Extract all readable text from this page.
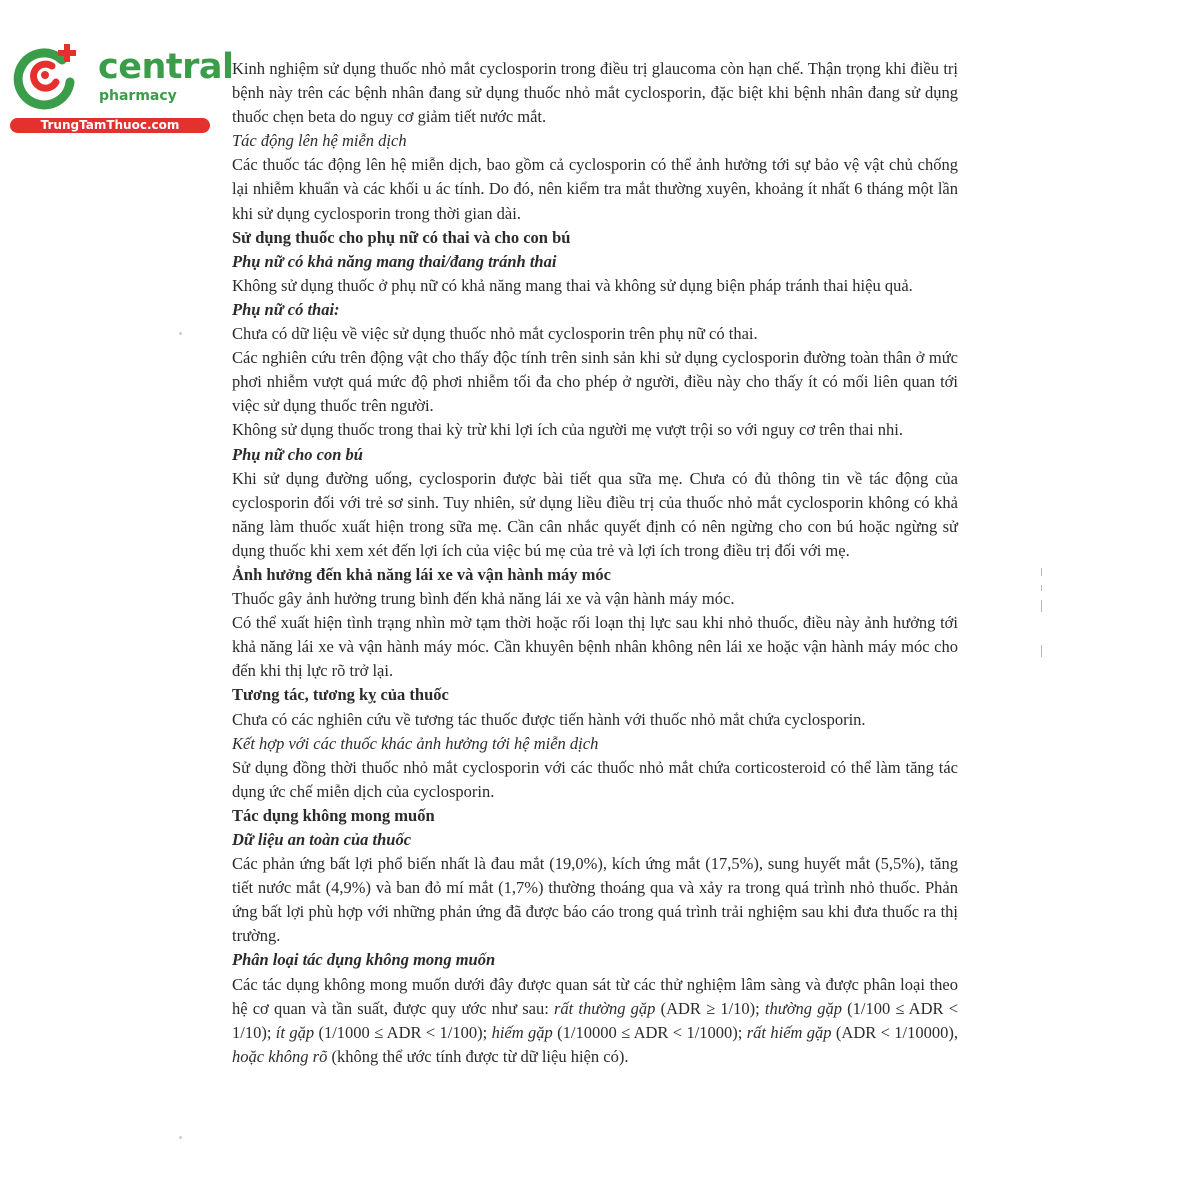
central
pharmacy
TrungTamThuoc.com

Kinh nghiệm sử dụng thuốc nhỏ mắt cyclosporin trong điều trị glaucoma còn hạn chế. Thận trọng khi điều trị bệnh này trên các bệnh nhân đang sử dụng thuốc nhỏ mắt cyclosporin, đặc biệt khi bệnh nhân đang sử dụng thuốc chẹn beta do nguy cơ giảm tiết nước mắt.

Tác động lên hệ miễn dịch

Các thuốc tác động lên hệ miễn dịch, bao gồm cả cyclosporin có thể ảnh hưởng tới sự bảo vệ vật chủ chống lại nhiễm khuẩn và các khối u ác tính. Do đó, nên kiểm tra mắt thường xuyên, khoảng ít nhất 6 tháng một lần khi sử dụng cyclosporin trong thời gian dài.

Sử dụng thuốc cho phụ nữ có thai và cho con bú

Phụ nữ có khả năng mang thai/đang tránh thai

Không sử dụng thuốc ở phụ nữ có khả năng mang thai và không sử dụng biện pháp tránh thai hiệu quả.

Phụ nữ có thai:

Chưa có dữ liệu về việc sử dụng thuốc nhỏ mắt cyclosporin trên phụ nữ có thai.

Các nghiên cứu trên động vật cho thấy độc tính trên sinh sản khi sử dụng cyclosporin đường toàn thân ở mức phơi nhiễm vượt quá mức độ phơi nhiễm tối đa cho phép ở người, điều này cho thấy ít có mối liên quan tới việc sử dụng thuốc trên người.

Không sử dụng thuốc trong thai kỳ trừ khi lợi ích của người mẹ vượt trội so với nguy cơ trên thai nhi.

Phụ nữ cho con bú

Khi sử dụng đường uống, cyclosporin được bài tiết qua sữa mẹ. Chưa có đủ thông tin về tác động của cyclosporin đối với trẻ sơ sinh. Tuy nhiên, sử dụng liều điều trị của thuốc nhỏ mắt cyclosporin không có khả năng làm thuốc xuất hiện trong sữa mẹ. Cần cân nhắc quyết định có nên ngừng cho con bú hoặc ngừng sử dụng thuốc khi xem xét đến lợi ích của việc bú mẹ của trẻ và lợi ích trong điều trị đối với mẹ.

Ảnh hưởng đến khả năng lái xe và vận hành máy móc

Thuốc gây ảnh hưởng trung bình đến khả năng lái xe và vận hành máy móc.

Có thể xuất hiện tình trạng nhìn mờ tạm thời hoặc rối loạn thị lực sau khi nhỏ thuốc, điều này ảnh hưởng tới khả năng lái xe và vận hành máy móc. Cần khuyên bệnh nhân không nên lái xe hoặc vận hành máy móc cho đến khi thị lực rõ trở lại.

Tương tác, tương kỵ của thuốc

Chưa có các nghiên cứu về tương tác thuốc được tiến hành với thuốc nhỏ mắt chứa cyclosporin.

Kết hợp với các thuốc khác ảnh hưởng tới hệ miễn dịch

Sử dụng đồng thời thuốc nhỏ mắt cyclosporin với các thuốc nhỏ mắt chứa corticosteroid có thể làm tăng tác dụng ức chế miễn dịch của cyclosporin.

Tác dụng không mong muốn

Dữ liệu an toàn của thuốc

Các phản ứng bất lợi phổ biến nhất là đau mắt (19,0%), kích ứng mắt (17,5%), sung huyết mắt (5,5%), tăng tiết nước mắt (4,9%) và ban đỏ mí mắt (1,7%) thường thoáng qua và xảy ra trong quá trình nhỏ thuốc. Phản ứng bất lợi phù hợp với những phản ứng đã được báo cáo trong quá trình trải nghiệm sau khi đưa thuốc ra thị trường.

Phân loại tác dụng không mong muốn

Các tác dụng không mong muốn dưới đây được quan sát từ các thử nghiệm lâm sàng và được phân loại theo hệ cơ quan và tần suất, được quy ước như sau: rất thường gặp (ADR ≥ 1/10); thường gặp (1/100 ≤ ADR < 1/10); ít gặp (1/1000 ≤ ADR < 1/100); hiếm gặp (1/10000 ≤ ADR < 1/1000); rất hiếm gặp (ADR < 1/10000), hoặc không rõ (không thể ước tính được từ dữ liệu hiện có).
